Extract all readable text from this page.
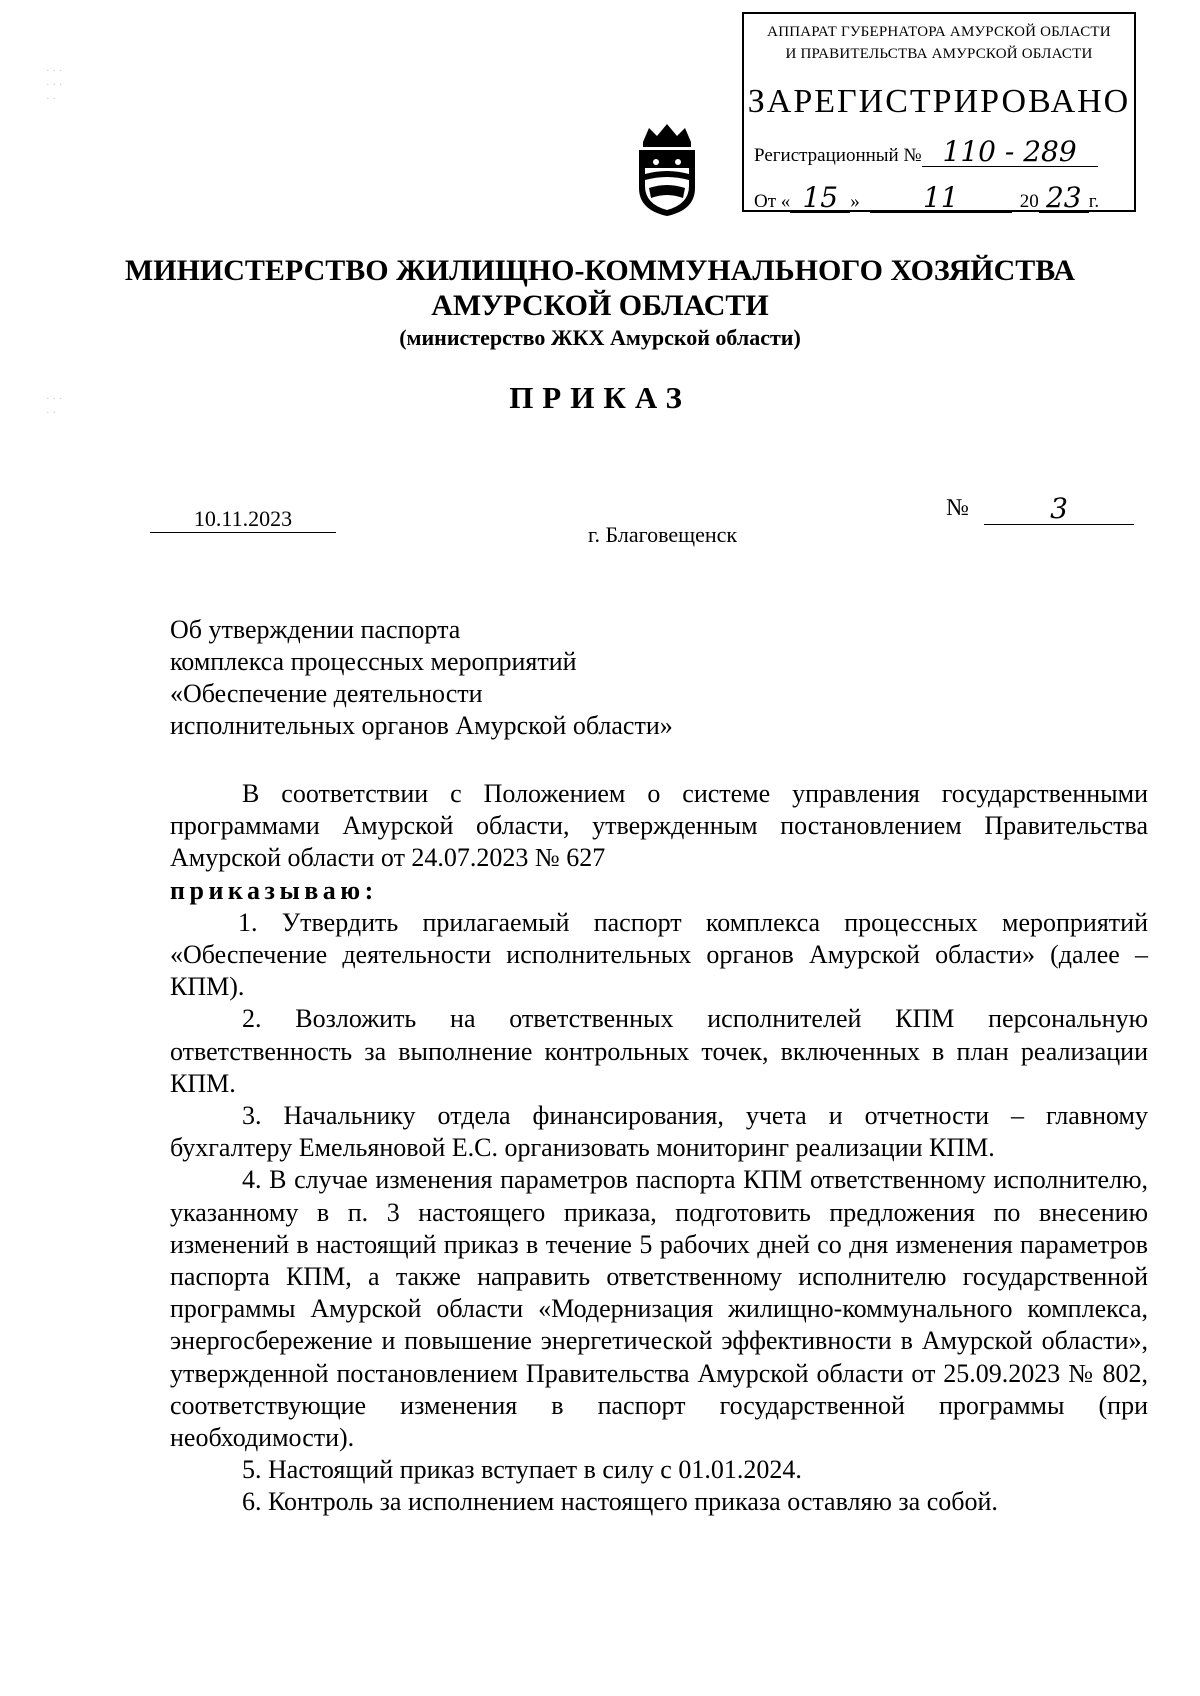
· · ·
· · ·
· ·
· · ·
· ·
АППАРАТ ГУБЕРНАТОРА АМУРСКОЙ ОБЛАСТИ
И ПРАВИТЕЛЬСТВА АМУРСКОЙ ОБЛАСТИ
ЗАРЕГИСТРИРОВАНО
Регистрационный № 110 - 289
От « 15 » 11	20 23 г.
МИНИСТЕРСТВО ЖИЛИЩНО-КОММУНАЛЬНОГО ХОЗЯЙСТВА
АМУРСКОЙ ОБЛАСТИ
(министерство ЖКХ Амурской области)
ПРИКАЗ
10.11.2023
г. Благовещенск
№	3
Об утверждении паспорта
комплекса процессных мероприятий
«Обеспечение деятельности
исполнительных органов Амурской области»

В соответствии с Положением о системе управления государственными программами Амурской области, утвержденным постановлением Правительства Амурской области от 24.07.2023 № 627

приказываю:

1. Утвердить прилагаемый паспорт комплекса процессных мероприятий «Обеспечение деятельности исполнительных органов Амурской области» (далее – КПМ).

2. Возложить на ответственных исполнителей КПМ персональную ответственность за выполнение контрольных точек, включенных в план реализации КПМ.

3. Начальнику отдела финансирования, учета и отчетности – главному бухгалтеру Емельяновой Е.С. организовать мониторинг реализации КПМ.

4. В случае изменения параметров паспорта КПМ ответственному исполнителю, указанному в п. 3 настоящего приказа, подготовить предложения по внесению изменений в настоящий приказ в течение 5 рабочих дней со дня изменения параметров паспорта КПМ, а также направить ответственному исполнителю государственной программы Амурской области «Модернизация жилищно-коммунального комплекса, энергосбережение и повышение энергетической эффективности в Амурской области», утвержденной постановлением Правительства Амурской области от 25.09.2023 № 802, соответствующие изменения в паспорт государственной программы (при необходимости).

5. Настоящий приказ вступает в силу с 01.01.2024.

6. Контроль за исполнением настоящего приказа оставляю за собой.
